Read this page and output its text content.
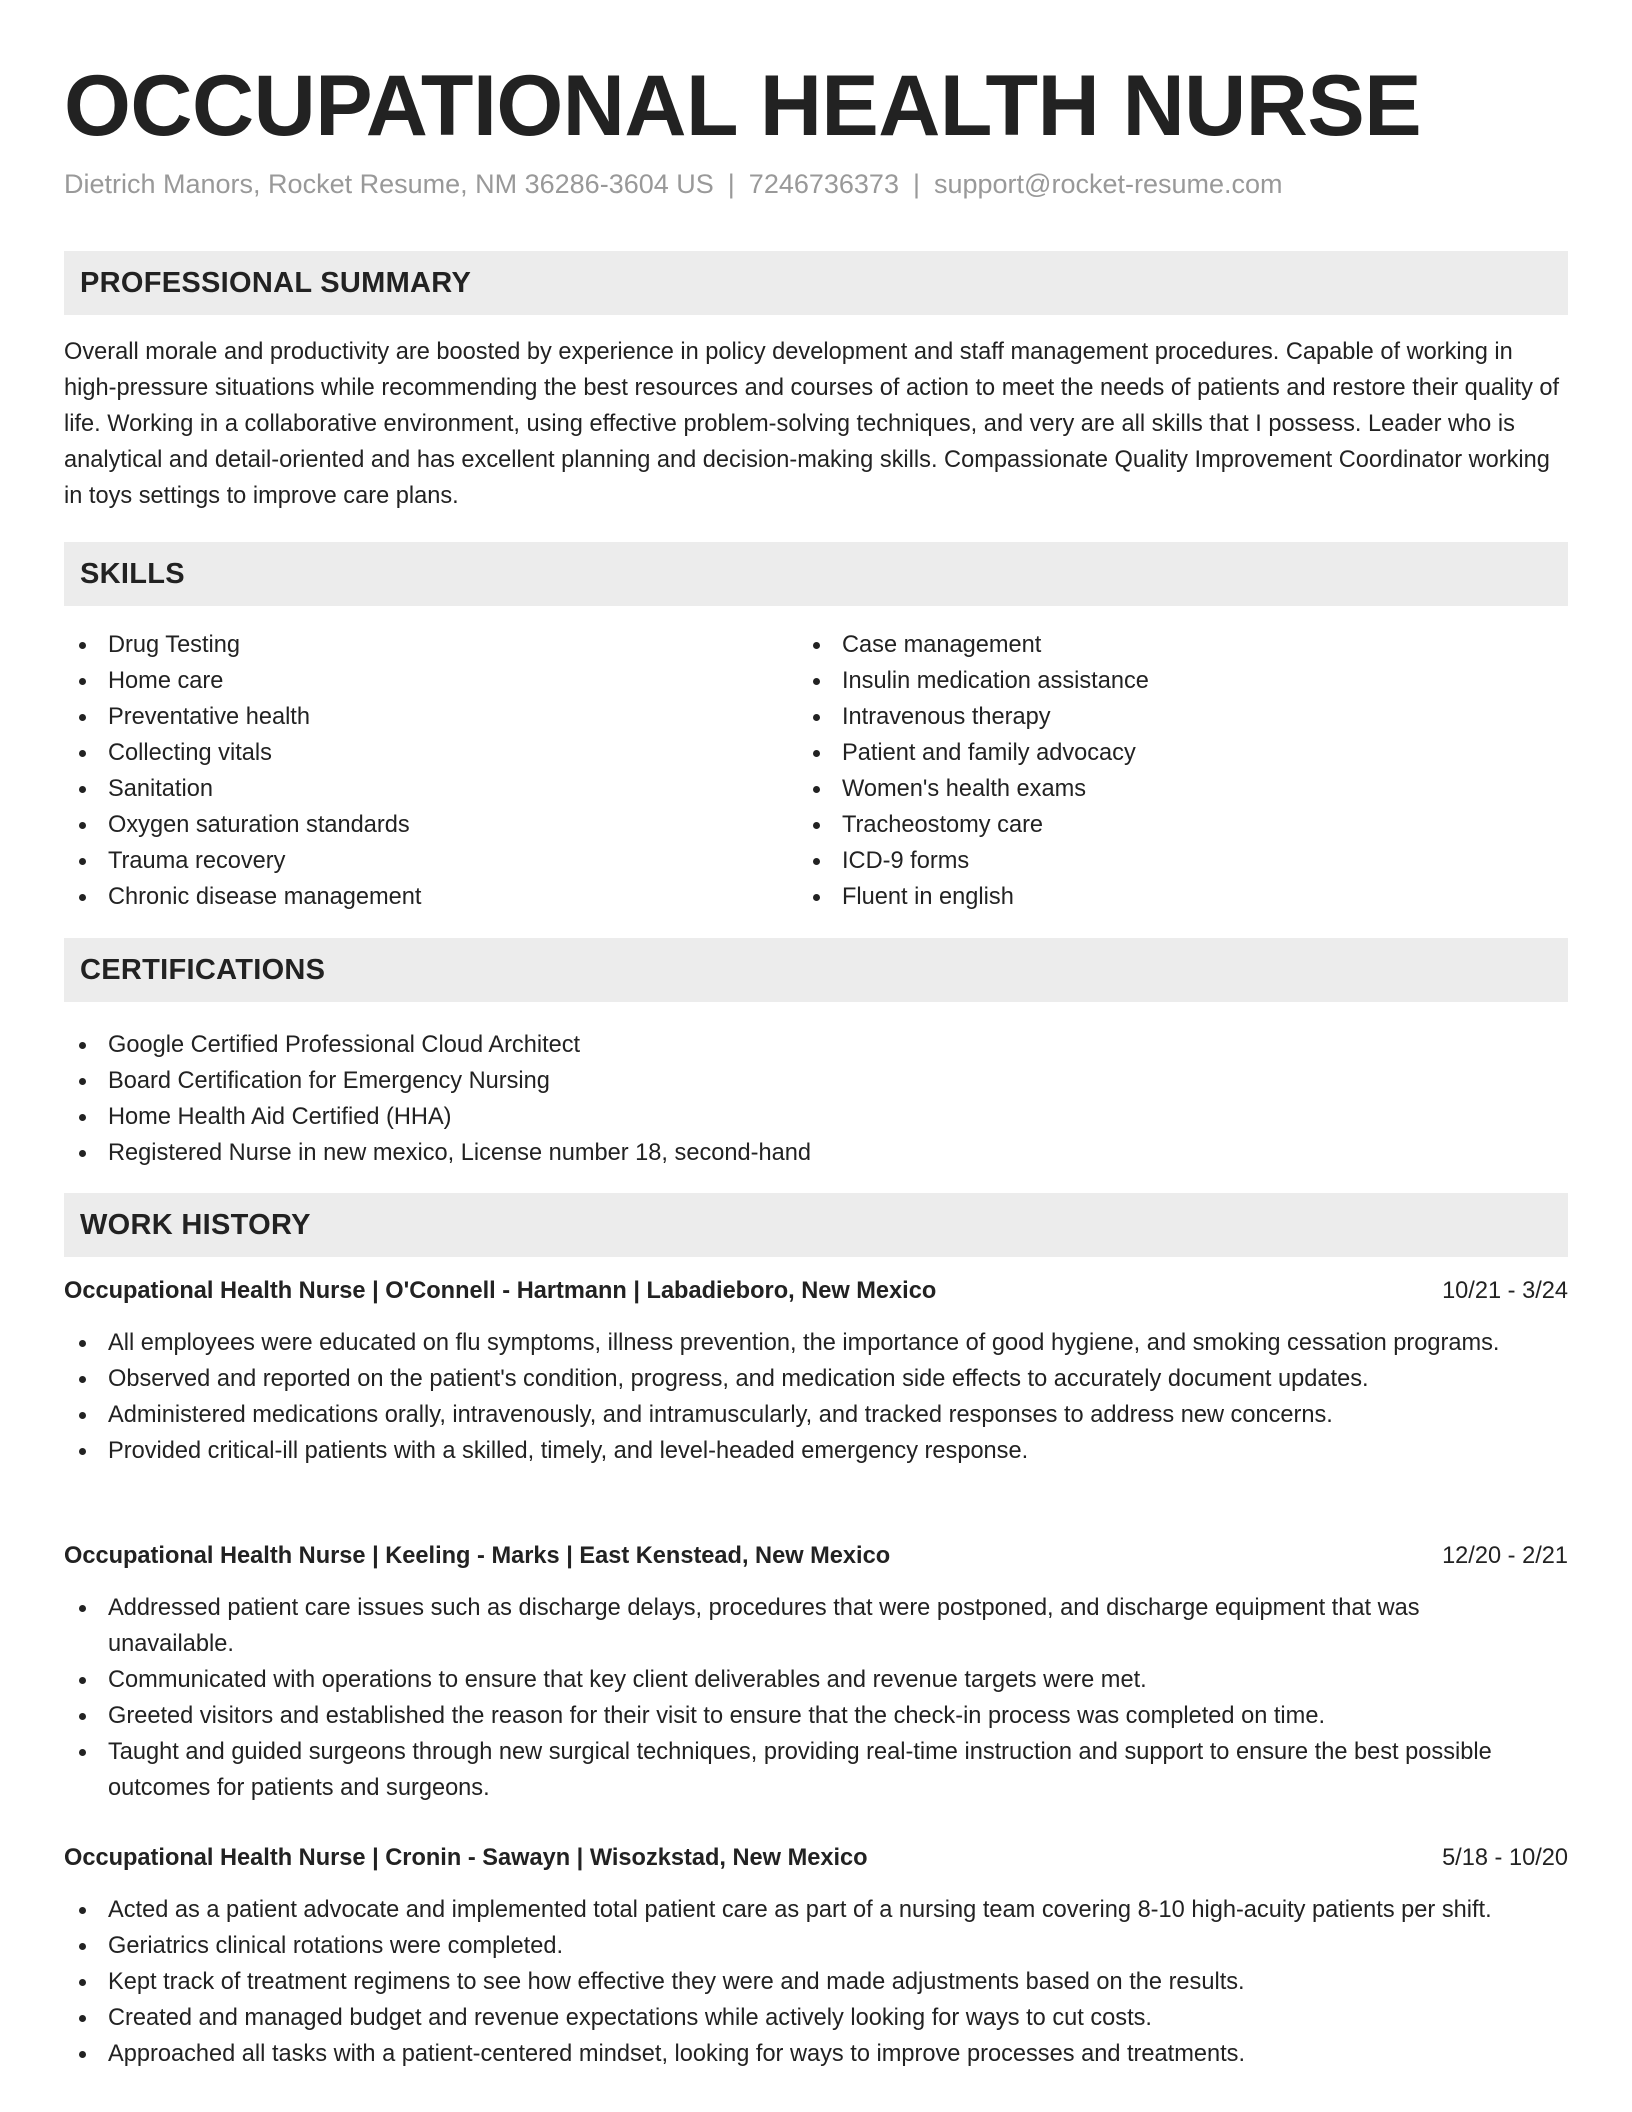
OCCUPATIONAL HEALTH NURSE
Dietrich Manors, Rocket Resume, NM 36286-3604 US | 7246736373 | support@rocket-resume.com
PROFESSIONAL SUMMARY

Overall morale and productivity are boosted by experience in policy development and staff management procedures. Capable of working in high-pressure situations while recommending the best resources and courses of action to meet the needs of patients and restore their quality of life. Working in a collaborative environment, using effective problem-solving techniques, and very are all skills that I possess. Leader who is analytical and detail-oriented and has excellent planning and decision-making skills. Compassionate Quality Improvement Coordinator working in toys settings to improve care plans.

SKILLS
Drug Testing
Home care
Preventative health
Collecting vitals
Sanitation
Oxygen saturation standards
Trauma recovery
Chronic disease management
Case management
Insulin medication assistance
Intravenous therapy
Patient and family advocacy
Women's health exams
Tracheostomy care
ICD-9 forms
Fluent in english
CERTIFICATIONS
Google Certified Professional Cloud Architect
Board Certification for Emergency Nursing
Home Health Aid Certified (HHA)
Registered Nurse in new mexico, License number 18, second-hand
WORK HISTORY
Occupational Health Nurse | O'Connell - Hartmann | Labadieboro, New Mexico	10/21 - 3/24
All employees were educated on flu symptoms, illness prevention, the importance of good hygiene, and smoking cessation programs.
Observed and reported on the patient's condition, progress, and medication side effects to accurately document updates.
Administered medications orally, intravenously, and intramuscularly, and tracked responses to address new concerns.
Provided critical-ill patients with a skilled, timely, and level-headed emergency response.
Occupational Health Nurse | Keeling - Marks | East Kenstead, New Mexico	12/20 - 2/21
Addressed patient care issues such as discharge delays, procedures that were postponed, and discharge equipment that was unavailable.
Communicated with operations to ensure that key client deliverables and revenue targets were met.
Greeted visitors and established the reason for their visit to ensure that the check-in process was completed on time.
Taught and guided surgeons through new surgical techniques, providing real-time instruction and support to ensure the best possible outcomes for patients and surgeons.
Occupational Health Nurse | Cronin - Sawayn | Wisozkstad, New Mexico	5/18 - 10/20
Acted as a patient advocate and implemented total patient care as part of a nursing team covering 8-10 high-acuity patients per shift.
Geriatrics clinical rotations were completed.
Kept track of treatment regimens to see how effective they were and made adjustments based on the results.
Created and managed budget and revenue expectations while actively looking for ways to cut costs.
Approached all tasks with a patient-centered mindset, looking for ways to improve processes and treatments.
